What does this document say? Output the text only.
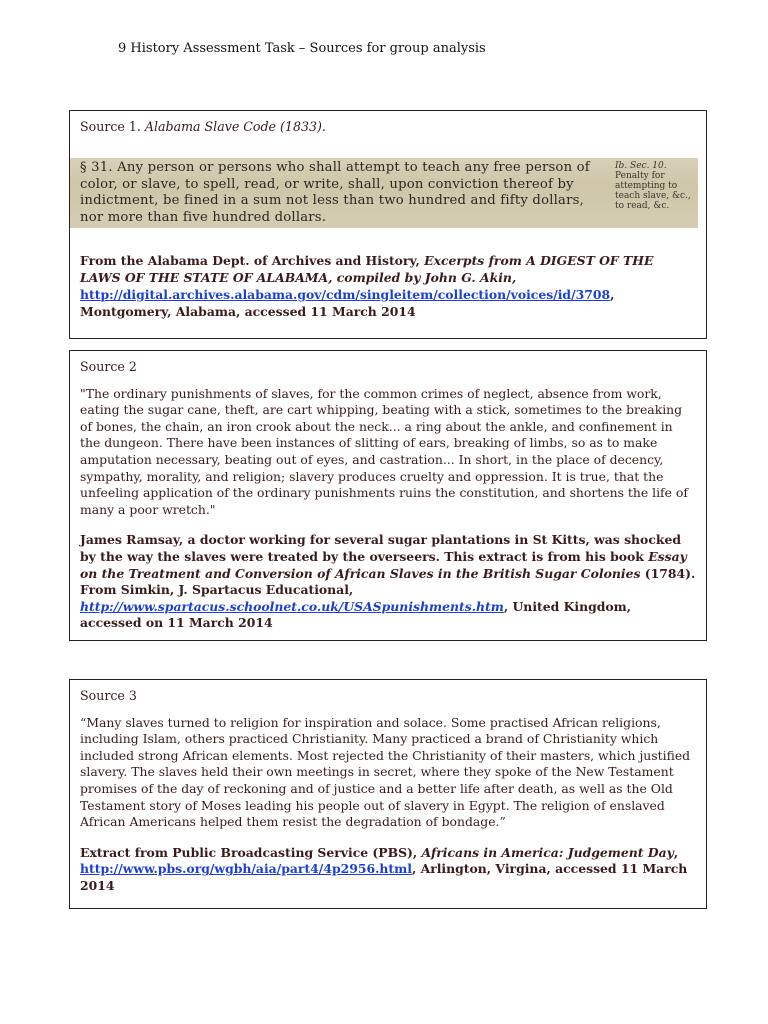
9 History Assessment Task – Sources for group analysis
Source 1. Alabama Slave Code (1833).

From the Alabama Dept. of Archives and History, Excerpts from A DIGEST OF THE LAWS OF THE STATE OF ALABAMA, compiled by John G. Akin, http://digital.archives.alabama.gov/cdm/singleitem/collection/voices/id/3708, Montgomery, Alabama, accessed 11 March 2014

§ 31. Any person or persons who shall attempt to teach any free person of color, or slave, to spell, read, or write, shall, upon conviction thereof by indictment, be fined in a sum not less than two hundred and fifty dollars, nor more than five hundred dollars.
Ib. Sec. 10.
Penalty for attempting to teach slave, &c., to read, &c.
Source 2

"The ordinary punishments of slaves, for the common crimes of neglect, absence from work, eating the sugar cane, theft, are cart whipping, beating with a stick, sometimes to the breaking of bones, the chain, an iron crook about the neck... a ring about the ankle, and confinement in the dungeon. There have been instances of slitting of ears, breaking of limbs, so as to make amputation necessary, beating out of eyes, and castration... In short, in the place of decency, sympathy, morality, and religion; slavery produces cruelty and oppression. It is true, that the unfeeling application of the ordinary punishments ruins the constitution, and shortens the life of many a poor wretch."

James Ramsay, a doctor working for several sugar plantations in St Kitts, was shocked by the way the slaves were treated by the overseers. This extract is from his book Essay on the Treatment and Conversion of African Slaves in the British Sugar Colonies (1784). From Simkin, J. Spartacus Educational, http://www.spartacus.schoolnet.co.uk/USASpunishments.htm, United Kingdom, accessed on 11 March 2014

Source 3

“Many slaves turned to religion for inspiration and solace. Some practised African religions, including Islam, others practiced Christianity. Many practiced a brand of Christianity which included strong African elements. Most rejected the Christianity of their masters, which justified slavery. The slaves held their own meetings in secret, where they spoke of the New Testament promises of the day of reckoning and of justice and a better life after death, as well as the Old Testament story of Moses leading his people out of slavery in Egypt. The religion of enslaved African Americans helped them resist the degradation of bondage.”

Extract from Public Broadcasting Service (PBS), Africans in America: Judgement Day, http://www.pbs.org/wgbh/aia/part4/4p2956.html, Arlington, Virgina, accessed 11 March 2014
